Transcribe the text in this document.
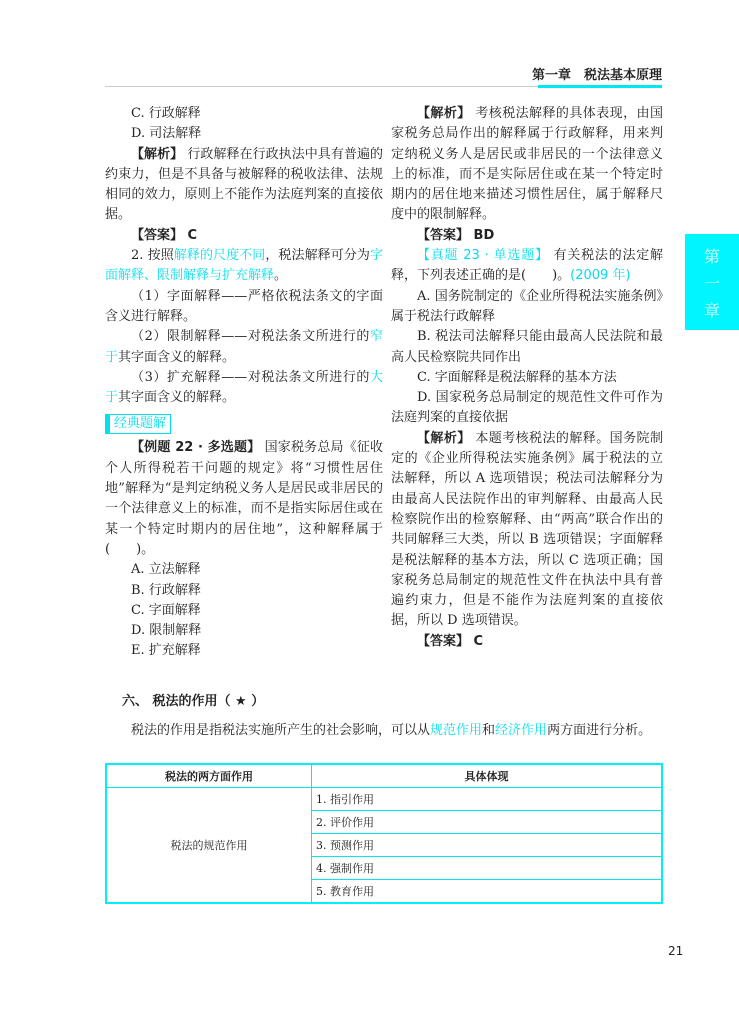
第一章　税法基本原理
第
一
章

C. 行政解释

D. 司法解释

【解析】 行政解释在行政执法中具有普遍的约束力，但是不具备与被解释的税收法律、法规相同的效力，原则上不能作为法庭判案的直接依据。

【答案】 C

2. 按照解释的尺度不同，税法解释可分为字面解释、限制解释与扩充解释。

（1）字面解释——严格依税法条文的字面含义进行解释。

（2）限制解释——对税法条文所进行的窄于其字面含义的解释。

（3）扩充解释——对税法条文所进行的大于其字面含义的解释。

经典题解

【例题 22 · 多选题】 国家税务总局《征收个人所得税若干问题的规定》将“习惯性居住地”解释为“是判定纳税义务人是居民或非居民的一个法律意义上的标准，而不是指实际居住或在某一个特定时期内的居住地”，这种解释属于(　　)。

A. 立法解释

B. 行政解释

C. 字面解释

D. 限制解释

E. 扩充解释

【解析】 考核税法解释的具体表现，由国家税务总局作出的解释属于行政解释，用来判定纳税义务人是居民或非居民的一个法律意义上的标准，而不是实际居住或在某一个特定时期内的居住地来描述习惯性居住，属于解释尺度中的限制解释。

【答案】 BD

【真题 23 · 单选题】 有关税法的法定解释，下列表述正确的是(　　)。(2009 年)

A. 国务院制定的《企业所得税法实施条例》属于税法行政解释

B. 税法司法解释只能由最高人民法院和最高人民检察院共同作出

C. 字面解释是税法解释的基本方法

D. 国家税务总局制定的规范性文件可作为法庭判案的直接依据

【解析】 本题考核税法的解释。国务院制定的《企业所得税法实施条例》属于税法的立法解释，所以 A 选项错误；税法司法解释分为由最高人民法院作出的审判解释、由最高人民检察院作出的检察解释、由“两高”联合作出的共同解释三大类，所以 B 选项错误；字面解释是税法解释的基本方法，所以 C 选项正确；国家税务总局制定的规范性文件在执法中具有普遍约束力，但是不能作为法庭判案的直接依据，所以 D 选项错误。

【答案】 C

六、 税法的作用（ ★ ）

税法的作用是指税法实施所产生的社会影响，可以从规范作用和经济作用两方面进行分析。

税法的两方面作用	具体体现
税法的规范作用	1. 指引作用
	2. 评价作用
	3. 预测作用
	4. 强制作用
	5. 教育作用
21
